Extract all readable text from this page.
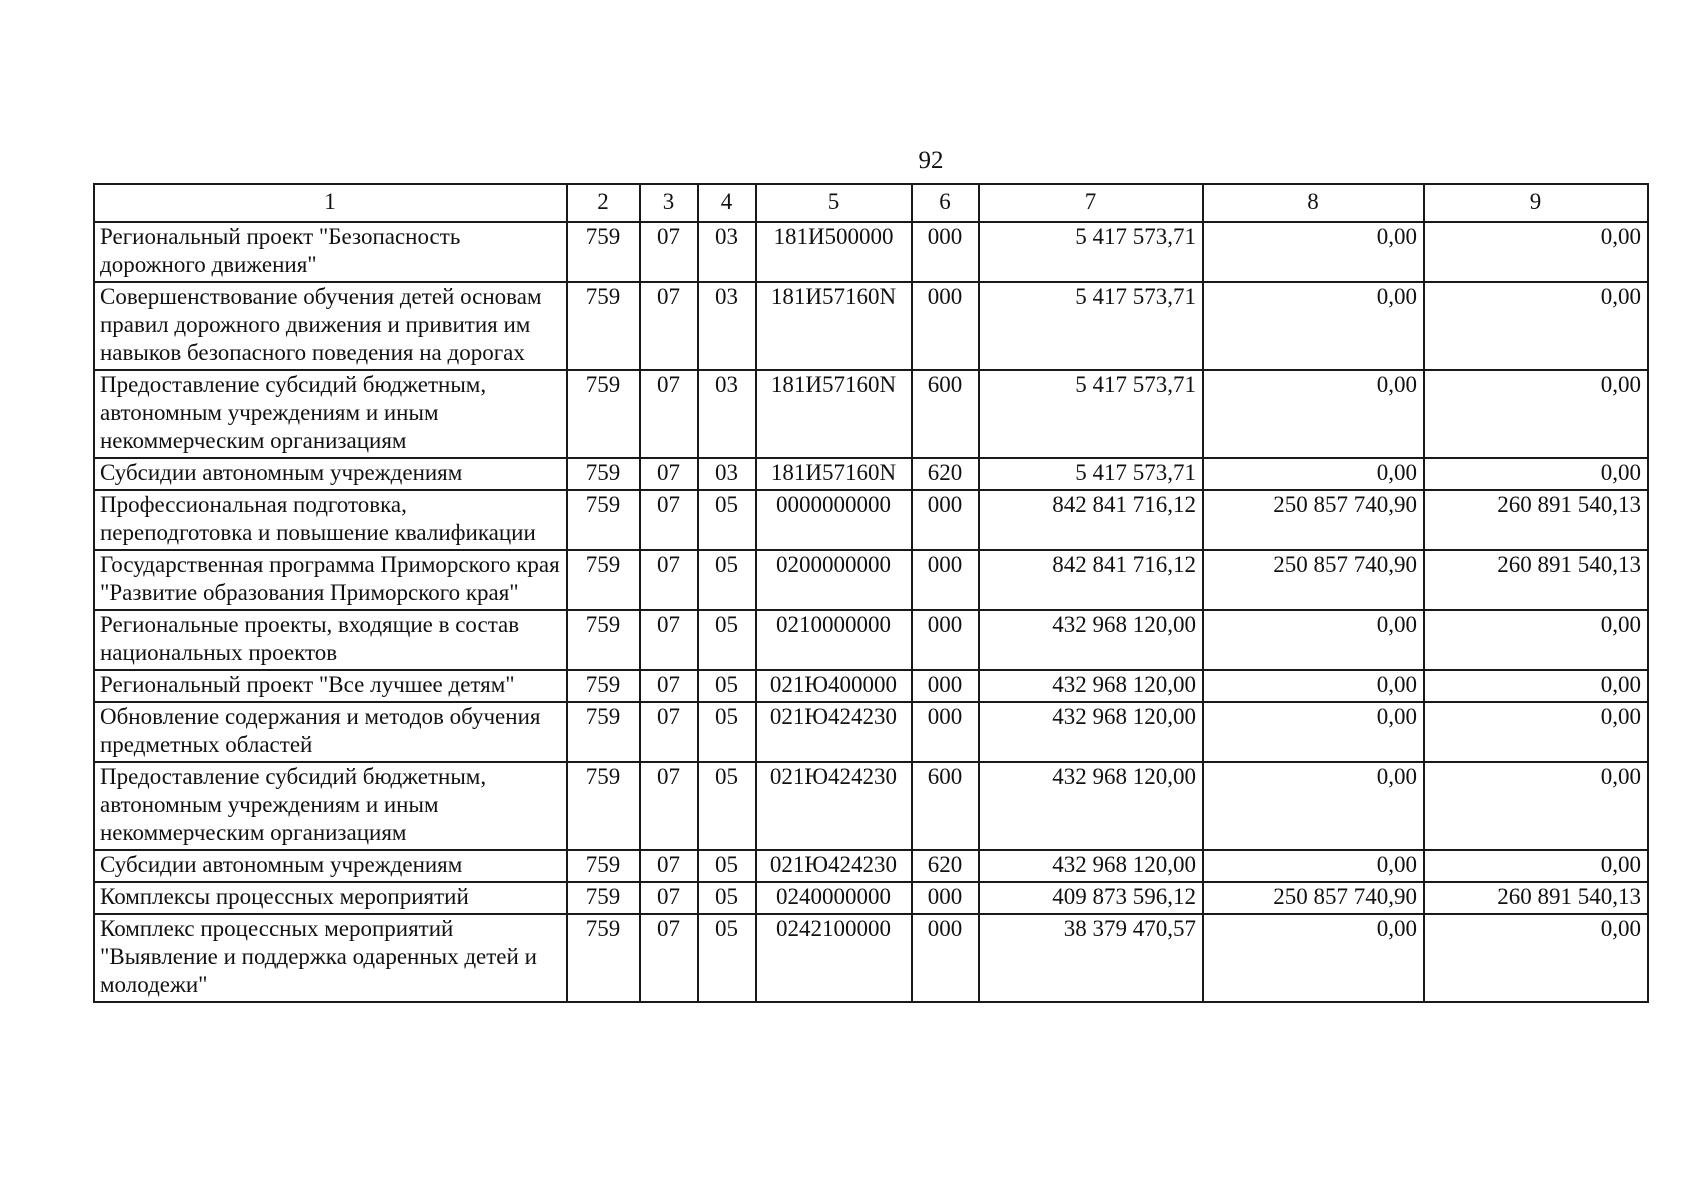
92
1	2	3	4	5	6	7	8	9
Региональный проект "Безопасность дорожного движения"	759	07	03	181И500000	000	5 417 573,71	0,00	0,00
Совершенствование обучения детей основам правил дорожного движения и привития им навыков безопасного поведения на дорогах	759	07	03	181И57160N	000	5 417 573,71	0,00	0,00
Предоставление субсидий бюджетным, автономным учреждениям и иным некоммерческим организациям	759	07	03	181И57160N	600	5 417 573,71	0,00	0,00
Субсидии автономным учреждениям	759	07	03	181И57160N	620	5 417 573,71	0,00	0,00
Профессиональная подготовка, переподготовка и повышение квалификации	759	07	05	0000000000	000	842 841 716,12	250 857 740,90	260 891 540,13
Государственная программа Приморского края "Развитие образования Приморского края"	759	07	05	0200000000	000	842 841 716,12	250 857 740,90	260 891 540,13
Региональные проекты, входящие в состав национальных проектов	759	07	05	0210000000	000	432 968 120,00	0,00	0,00
Региональный проект "Все лучшее детям"	759	07	05	021Ю400000	000	432 968 120,00	0,00	0,00
Обновление содержания и методов обучения предметных областей	759	07	05	021Ю424230	000	432 968 120,00	0,00	0,00
Предоставление субсидий бюджетным, автономным учреждениям и иным некоммерческим организациям	759	07	05	021Ю424230	600	432 968 120,00	0,00	0,00
Субсидии автономным учреждениям	759	07	05	021Ю424230	620	432 968 120,00	0,00	0,00
Комплексы процессных мероприятий	759	07	05	0240000000	000	409 873 596,12	250 857 740,90	260 891 540,13
Комплекс процессных мероприятий "Выявление и поддержка одаренных детей и молодежи"	759	07	05	0242100000	000	38 379 470,57	0,00	0,00
